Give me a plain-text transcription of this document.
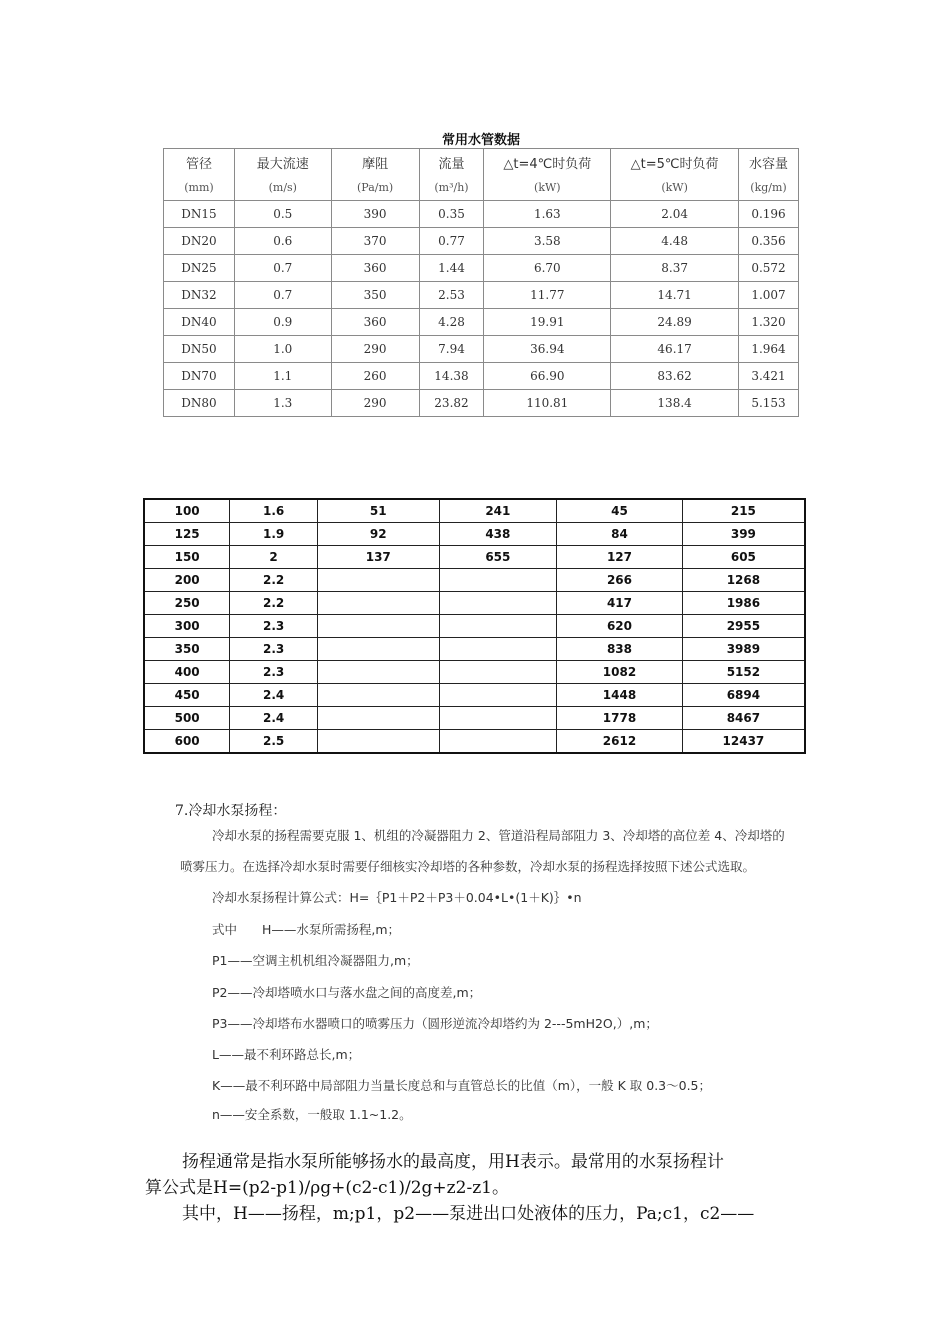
常用水管数据
管径	最大流速	摩阻	流量	△t=4℃时负荷	△t=5℃时负荷	水容量
(mm)	(m/s)	(Pa/m)	(m³/h)	(kW)	(kW)	(kg/m)
DN15	0.5	390	0.35	1.63	2.04	0.196
DN20	0.6	370	0.77	3.58	4.48	0.356
DN25	0.7	360	1.44	6.70	8.37	0.572
DN32	0.7	350	2.53	11.77	14.71	1.007
DN40	0.9	360	4.28	19.91	24.89	1.320
DN50	1.0	290	7.94	36.94	46.17	1.964
DN70	1.1	260	14.38	66.90	83.62	3.421
DN80	1.3	290	23.82	110.81	138.4	5.153
100	1.6	51	241	45	215
125	1.9	92	438	84	399
150	2	137	655	127	605
200	2.2			266	1268
250	2.2			417	1986
300	2.3			620	2955
350	2.3			838	3989
400	2.3			1082	5152
450	2.4			1448	6894
500	2.4			1778	8467
600	2.5			2612	12437
7.冷却水泵扬程：
冷却水泵的扬程需要克服 1、机组的冷凝器阻力 2、管道沿程局部阻力 3、冷却塔的高位差 4、冷却塔的
喷雾压力。在选择冷却水泵时需要仔细核实冷却塔的各种参数，冷却水泵的扬程选择按照下述公式选取。
冷却水泵扬程计算公式：H=｛P1＋P2＋P3＋0.04•L•(1＋K)｝•n
式中　　H——水泵所需扬程,m；
P1——空调主机机组冷凝器阻力,m；
P2——冷却塔喷水口与落水盘之间的高度差,m；
P3——冷却塔布水器喷口的喷雾压力（圆形逆流冷却塔约为 2---5mH2O,）,m；
L——最不利环路总长,m；
K——最不利环路中局部阻力当量长度总和与直管总长的比值（m），一般 K 取 0.3～0.5；
n——安全系数，一般取 1.1~1.2。
扬程通常是指水泵所能够扬水的最高度，用H表示。最常用的水泵扬程计
算公式是H=(p2-p1)/ρg+(c2-c1)/2g+z2-z1。
其中，H——扬程，m;p1，p2——泵进出口处液体的压力，Pa;c1，c2——
